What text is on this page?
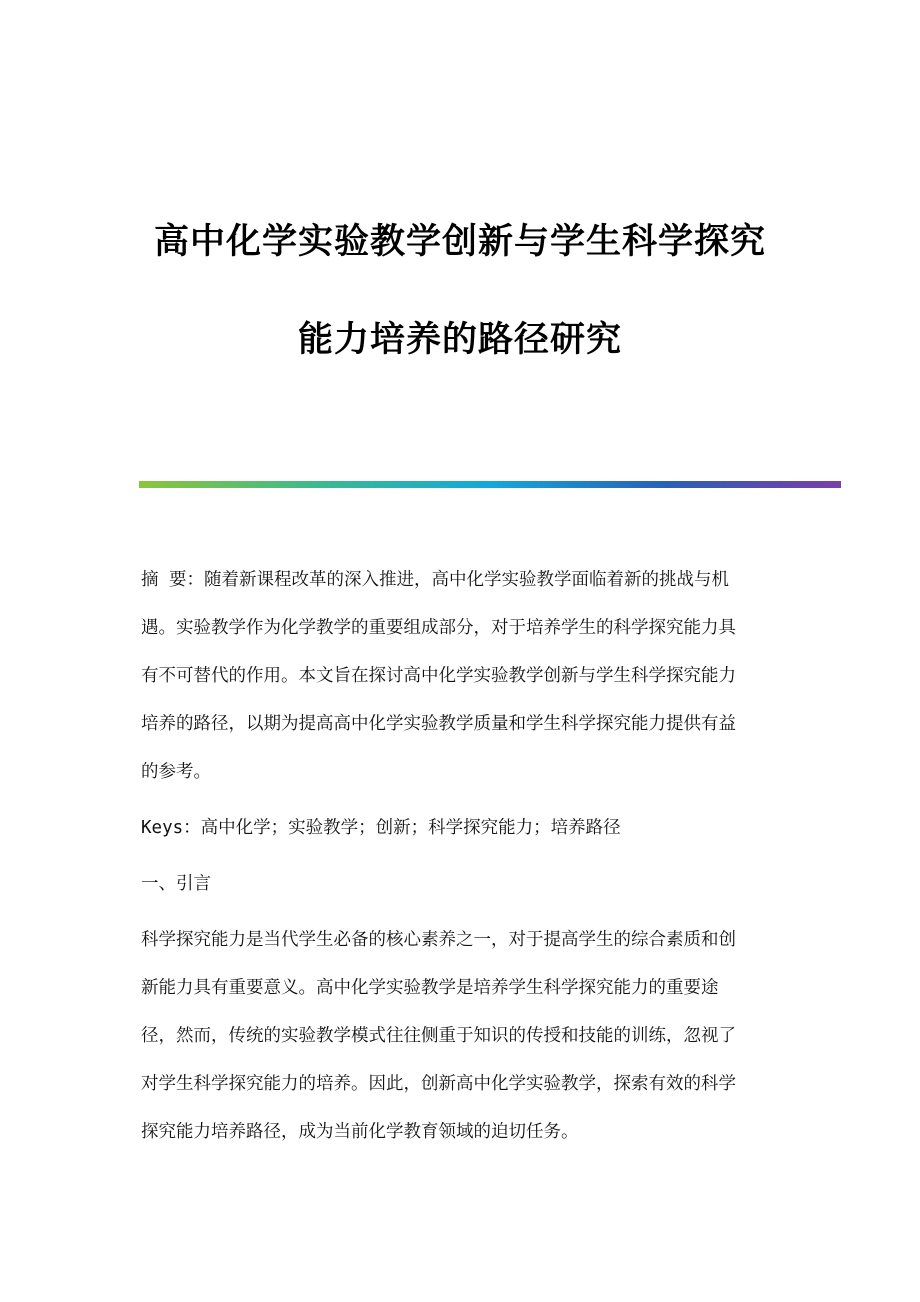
高中化学实验教学创新与学生科学探究
能力培养的路径研究
摘 要：随着新课程改革的深入推进，高中化学实验教学面临着新的挑战与机
遇。实验教学作为化学教学的重要组成部分，对于培养学生的科学探究能力具
有不可替代的作用。本文旨在探讨高中化学实验教学创新与学生科学探究能力
培养的路径，以期为提高高中化学实验教学质量和学生科学探究能力提供有益
的参考。
Keys：高中化学；实验教学；创新；科学探究能力；培养路径
一、引言
科学探究能力是当代学生必备的核心素养之一，对于提高学生的综合素质和创
新能力具有重要意义。高中化学实验教学是培养学生科学探究能力的重要途
径，然而，传统的实验教学模式往往侧重于知识的传授和技能的训练，忽视了
对学生科学探究能力的培养。因此，创新高中化学实验教学，探索有效的科学
探究能力培养路径，成为当前化学教育领域的迫切任务。
